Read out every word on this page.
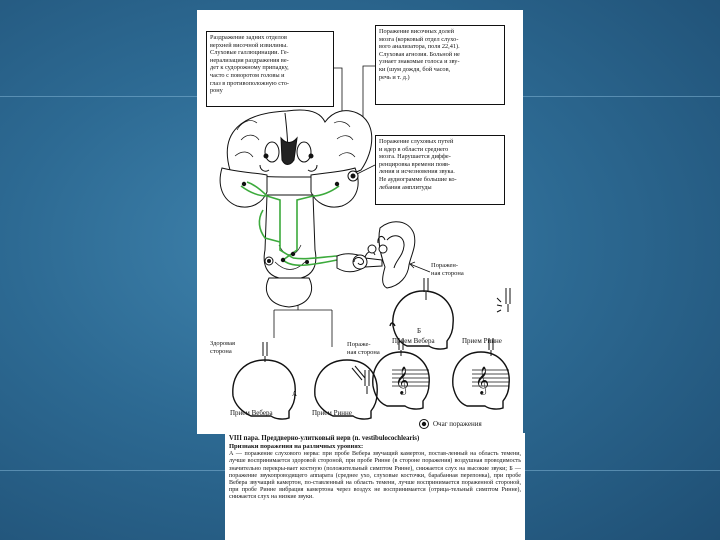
𝄞	𝄞
Раздражение задних отделов
верхней височной извилины.
Слуховые галлюцинации. Ге-
нерализация раздражения ве-
дет к судорожному припадку,
часто с поворотом головы и
глаз в противоположную сто-
рону
Поражение височных долей
мозга (корковый отдел слухо-
вого анализатора, поля 22,41).
Слуховая агнозия. Больной не
узнает знакомые голоса и зву-
ки (шум дождя, бой часов,
речь и т. д.)
Поражение слуховых путей
и ядер в области среднего
мозга. Нарушается диффе-
ренцировка времени появ-
ления и исчезновения звука.
Не аудиограмме большие ко-
лебания амплитуды
Поражен-
ная сторона
Б
Здоровая
сторона
Пораже-
ная сторона
Прием Вебера	Прием Ринне
А
Прием Вебера	Прием Ринне
Очаг поражения
VIII пара. Преддверно-улитковый нерв (n. vestibulocochlearis)
Признаки поражения на различных уровнях:
А — поражение слухового нерва: при пробе Вебера звучащий камертон, постав-ленный на область темени, лучше воспринимается здоровой стороной, при пробе Ринне (в стороне поражения) воздушная проводимость значительно перекры-вает костную (положительный симптом Ринне), снижается слух на высокие звуки; Б — поражение звукопроводящего аппарата (среднее ухо, слуховые косточки, барабанная перепонка), при пробе Вебера звучащий камертон, по-ставленный на область темени, лучше воспринимается пораженной стороной, при пробе Ринне вибрация камертона через воздух не воспринимается (отрица-тельный симптом Ринне), снижается слух на низкие звуки.
